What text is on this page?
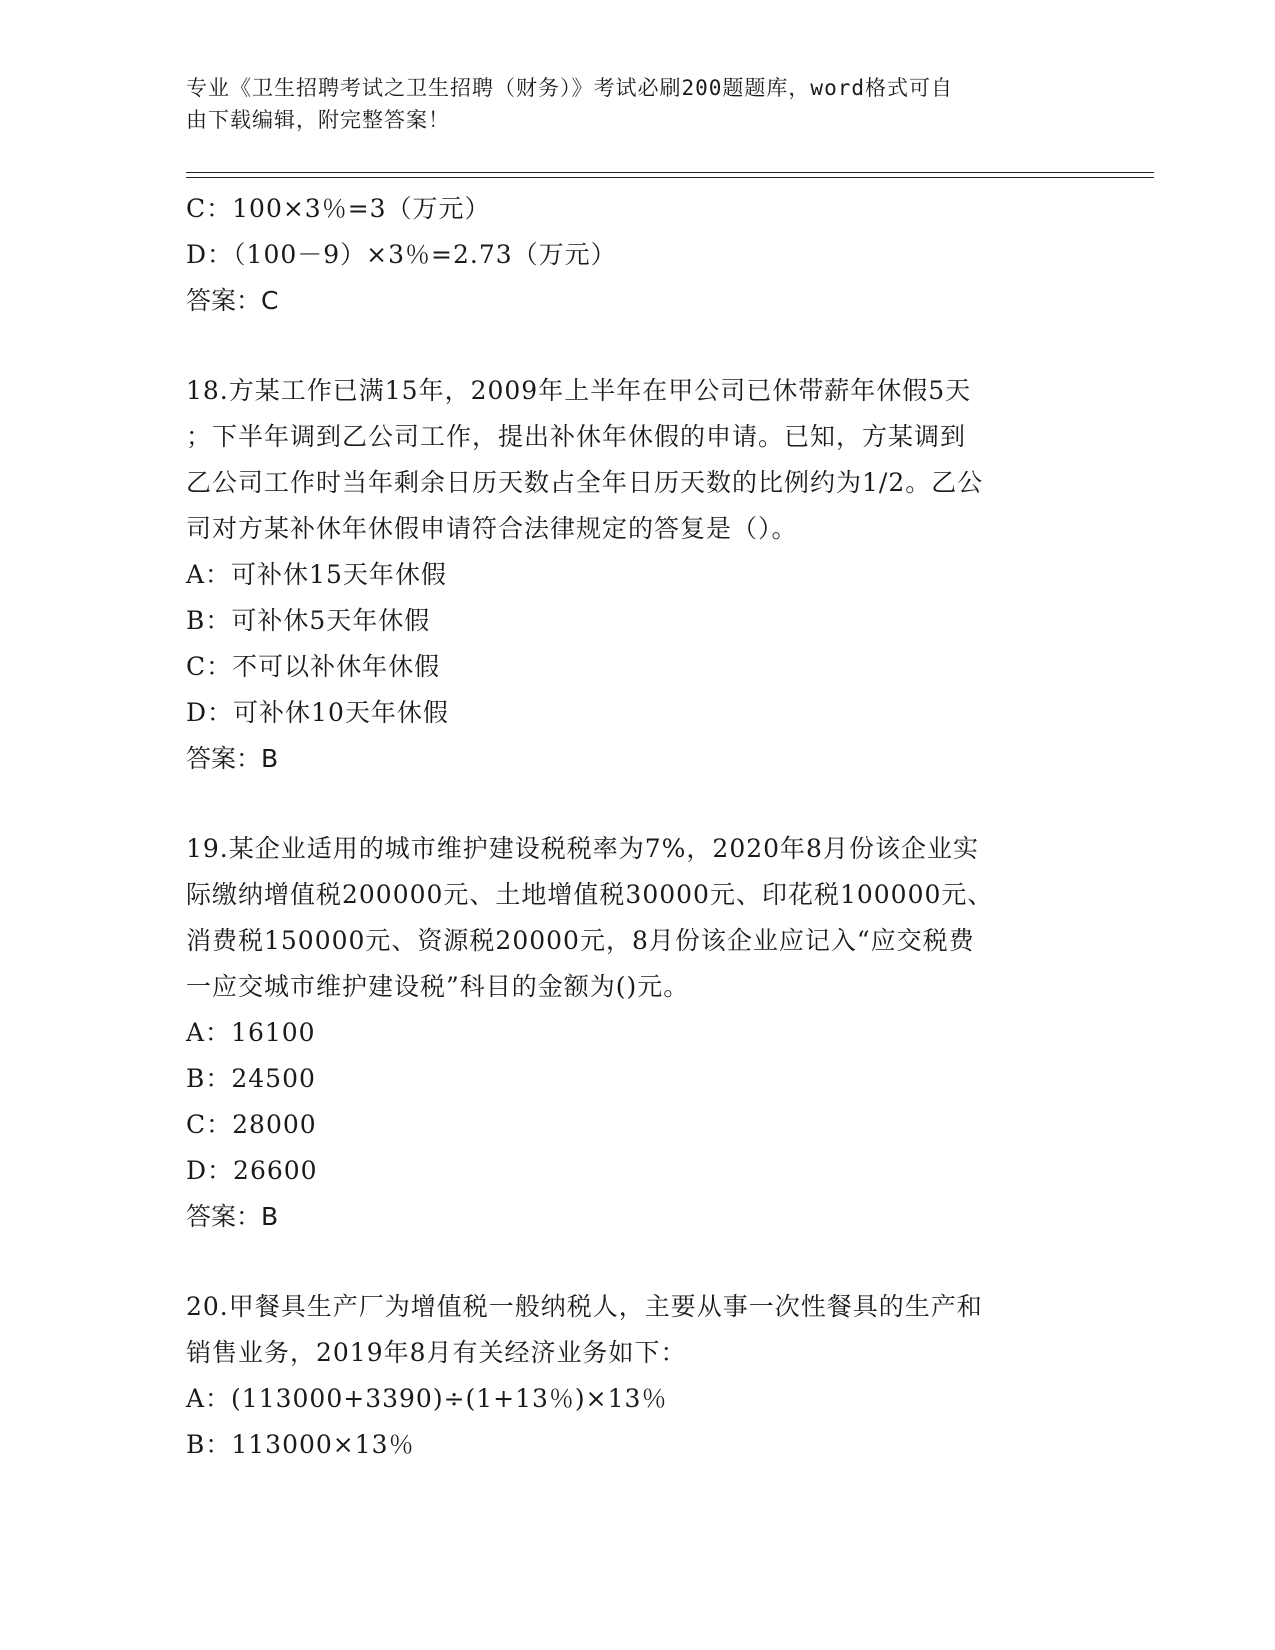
专业《卫生招聘考试之卫生招聘（财务）》考试必刷200题题库，word格式可自
由下载编辑，附完整答案！
C：100×3％=3（万元）
D：（100－9）×3％=2.73（万元）
答案：C
18.方某工作已满15年，2009年上半年在甲公司已休带薪年休假5天
；下半年调到乙公司工作，提出补休年休假的申请。已知，方某调到
乙公司工作时当年剩余日历天数占全年日历天数的比例约为1/2。乙公
司对方某补休年休假申请符合法律规定的答复是（）。
A：可补休15天年休假
B：可补休5天年休假
C：不可以补休年休假
D：可补休10天年休假
答案：B
19.某企业适用的城市维护建设税税率为7%，2020年8月份该企业实
际缴纳增值税200000元、土地增值税30000元、印花税100000元、
消费税150000元、资源税20000元，8月份该企业应记入“应交税费
一应交城市维护建设税”科目的金额为()元。
A：16100
B：24500
C：28000
D：26600
答案：B
20.甲餐具生产厂为增值税一般纳税人，主要从事一次性餐具的生产和
销售业务，2019年8月有关经济业务如下：
A：(113000+3390)÷(1+13％)×13％
B：113000×13％
